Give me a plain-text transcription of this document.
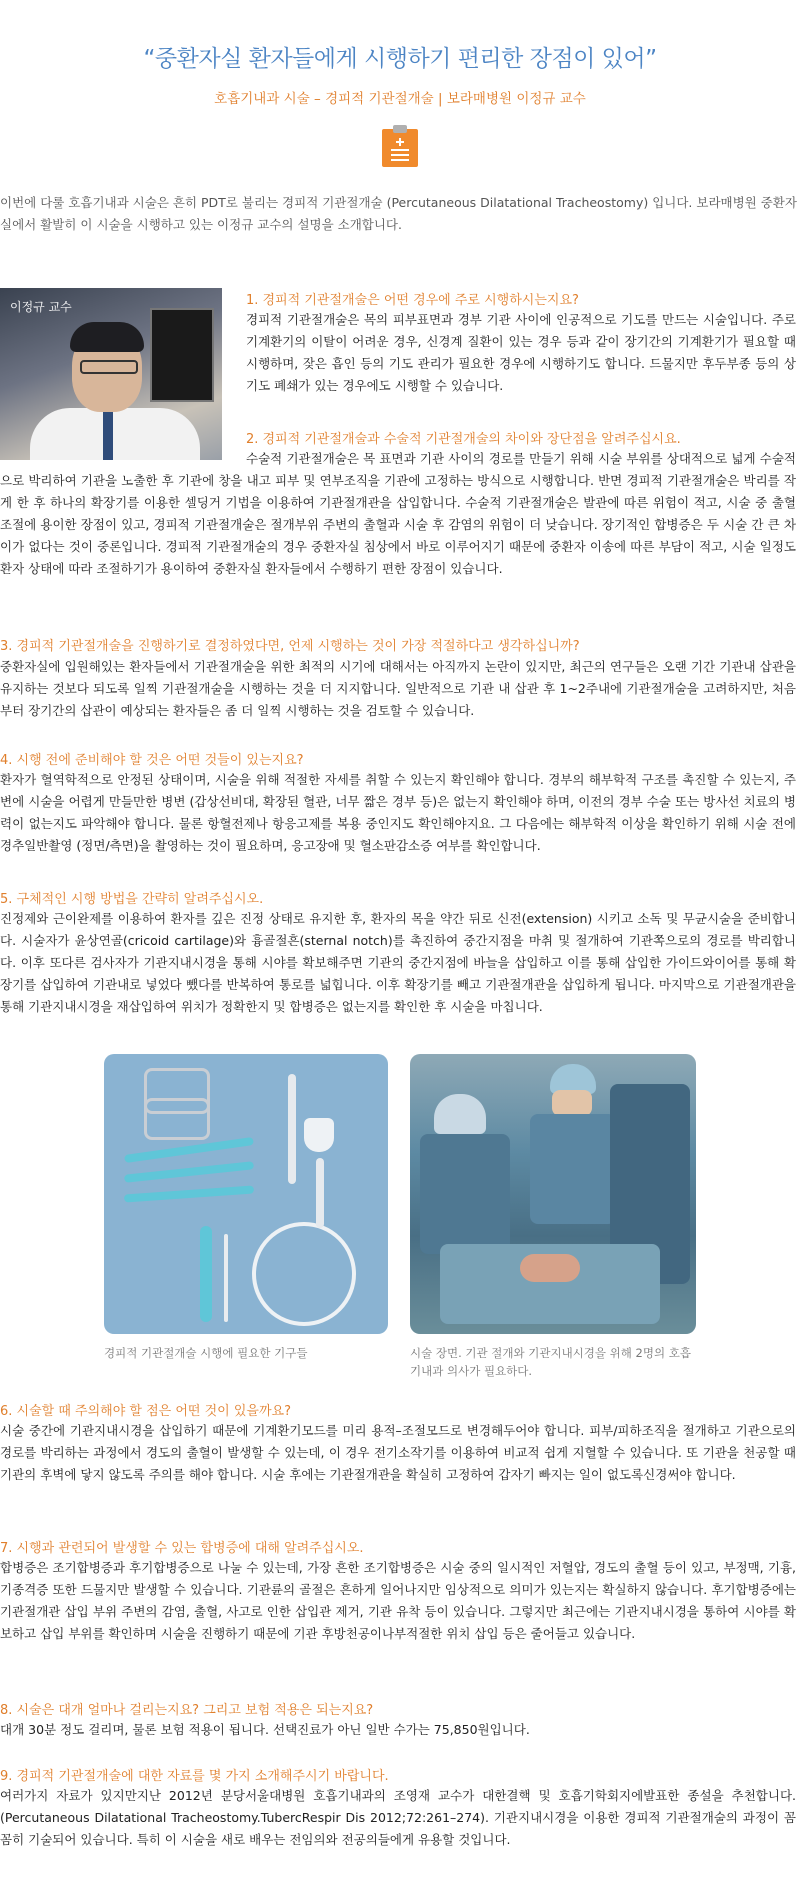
“중환자실 환자들에게 시행하기 편리한 장점이 있어”
호흡기내과 시술 – 경피적 기관절개술 | 보라매병원 이정규 교수
이번에 다룰 호흡기내과 시술은 흔히 PDT로 불리는 경피적 기관절개술 (Percutaneous Dilatational Tracheostomy) 입니다. 보라매병원 중환자실에서 활발히 이 시술을 시행하고 있는 이정규 교수의 설명을 소개합니다.
이정규 교수	1. 경피적 기관절개술은 어떤 경우에 주로 시행하시는지요?
경피적 기관절개술은 목의 피부표면과 경부 기관 사이에 인공적으로 기도를 만드는 시술입니다. 주로 기계환기의 이탈이 어려운 경우, 신경계 질환이 있는 경우 등과 같이 장기간의 기계환기가 필요할 때 시행하며, 잦은 흡인 등의 기도 관리가 필요한 경우에 시행하기도 합니다. 드물지만 후두부종 등의 상기도 폐쇄가 있는 경우에도 시행할 수 있습니다.
2. 경피적 기관절개술과 수술적 기관절개술의 차이와 장단점을 알려주십시요.
수술적 기관절개술은 목 표면과 기관 사이의 경로를 만들기 위해 시술 부위를 상대적으로 넓게 수술적으로 박리하여 기관을 노출한 후 기관에 창을 내고 피부 및 연부조직을 기관에 고정하는 방식으로 시행합니다. 반면 경피적 기관절개술은 박리를 작게 한 후 하나의 확장기를 이용한 셀딩거 기법을 이용하여 기관절개관을 삽입합니다. 수술적 기관절개술은 발관에 따른 위험이 적고, 시술 중 출혈 조절에 용이한 장점이 있고, 경피적 기관절개술은 절개부위 주변의 출혈과 시술 후 감염의 위험이 더 낮습니다. 장기적인 합병증은 두 시술 간 큰 차이가 없다는 것이 중론입니다. 경피적 기관절개술의 경우 중환자실 침상에서 바로 이루어지기 때문에 중환자 이송에 따른 부담이 적고, 시술 일정도 환자 상태에 따라 조절하기가 용이하여 중환자실 환자들에서 수행하기 편한 장점이 있습니다.
3. 경피적 기관절개술을 진행하기로 결정하였다면, 언제 시행하는 것이 가장 적절하다고 생각하십니까?
중환자실에 입원해있는 환자들에서 기관절개술을 위한 최적의 시기에 대해서는 아직까지 논란이 있지만, 최근의 연구들은 오랜 기간 기관내 삽관을 유지하는 것보다 되도록 일찍 기관절개술을 시행하는 것을 더 지지합니다. 일반적으로 기관 내 삽관 후 1~2주내에 기관절개술을 고려하지만, 처음부터 장기간의 삽관이 예상되는 환자들은 좀 더 일찍 시행하는 것을 검토할 수 있습니다.
4. 시행 전에 준비해야 할 것은 어떤 것들이 있는지요?
환자가 혈역학적으로 안정된 상태이며, 시술을 위해 적절한 자세를 취할 수 있는지 확인해야 합니다. 경부의 해부학적 구조를 촉진할 수 있는지, 주변에 시술을 어렵게 만들만한 병변 (갑상선비대, 확장된 혈관, 너무 짧은 경부 등)은 없는지 확인해야 하며, 이전의 경부 수술 또는 방사선 치료의 병력이 없는지도 파악해야 합니다. 물론 항혈전제나 항응고제를 복용 중인지도 확인해야지요. 그 다음에는 해부학적 이상을 확인하기 위해 시술 전에 경추일반촬영 (정면/측면)을 촬영하는 것이 필요하며, 응고장애 및 혈소판감소증 여부를 확인합니다.
5. 구체적인 시행 방법을 간략히 알려주십시오.
진정제와 근이완제를 이용하여 환자를 깊은 진정 상태로 유지한 후, 환자의 목을 약간 뒤로 신전(extension) 시키고 소독 및 무균시술을 준비합니다. 시술자가 윤상연골(cricoid cartilage)와 흉골절흔(sternal notch)를 촉진하여 중간지점을 마취 및 절개하여 기관쪽으로의 경로를 박리합니다. 이후 또다른 검사자가 기관지내시경을 통해 시야를 확보해주면 기관의 중간지점에 바늘을 삽입하고 이를 통해 삽입한 가이드와이어를 통해 확장기를 삽입하여 기관내로 넣었다 뺐다를 반복하여 통로를 넓힙니다. 이후 확장기를 빼고 기관절개관을 삽입하게 됩니다. 마지막으로 기관절개관을 통해 기관지내시경을 재삽입하여 위치가 정확한지 및 합병증은 없는지를 확인한 후 시술을 마칩니다.
경피적 기관절개술 시행에 필요한 기구들	시술 장면. 기관 절개와 기관지내시경을 위해 2명의 호흡기내과 의사가 필요하다.
6. 시술할 때 주의해야 할 점은 어떤 것이 있을까요?
시술 중간에 기관지내시경을 삽입하기 때문에 기계환기모드를 미리 용적–조절모드로 변경해두어야 합니다. 피부/피하조직을 절개하고 기관으로의 경로를 박리하는 과정에서 경도의 출혈이 발생할 수 있는데, 이 경우 전기소작기를 이용하여 비교적 쉽게 지혈할 수 있습니다. 또 기관을 천공할 때 기관의 후벽에 닿지 않도록 주의를 해야 합니다. 시술 후에는 기관절개관을 확실히 고정하여 갑자기 빠지는 일이 없도록신경써야 합니다.
7. 시행과 관련되어 발생할 수 있는 합병증에 대해 알려주십시오.
합병증은 조기합병증과 후기합병증으로 나눌 수 있는데, 가장 흔한 조기합병증은 시술 중의 일시적인 저혈압, 경도의 출혈 등이 있고, 부정맥, 기흉, 기종격증 또한 드물지만 발생할 수 있습니다. 기관륜의 골절은 흔하게 일어나지만 임상적으로 의미가 있는지는 확실하지 않습니다. 후기합병증에는 기관절개관 삽입 부위 주변의 감염, 출혈, 사고로 인한 삽입관 제거, 기관 유착 등이 있습니다. 그렇지만 최근에는 기관지내시경을 통하여 시야를 확보하고 삽입 부위를 확인하며 시술을 진행하기 때문에 기관 후방천공이나부적절한 위치 삽입 등은 줄어들고 있습니다.
8. 시술은 대개 얼마나 걸리는지요? 그리고 보험 적용은 되는지요?
대개 30분 정도 걸리며, 물론 보험 적용이 됩니다. 선택진료가 아닌 일반 수가는 75,850원입니다.
9. 경피적 기관절개술에 대한 자료를 몇 가지 소개해주시기 바랍니다.
여러가지 자료가 있지만지난 2012년 분당서울대병원 호흡기내과의 조영재 교수가 대한결핵 및 호흡기학회지에발표한 종설을 추천합니다. (Percutaneous Dilatational Tracheostomy.TubercRespir Dis 2012;72:261–274). 기관지내시경을 이용한 경피적 기관절개술의 과정이 꼼꼼히 기술되어 있습니다. 특히 이 시술을 새로 배우는 전임의와 전공의들에게 유용할 것입니다.
